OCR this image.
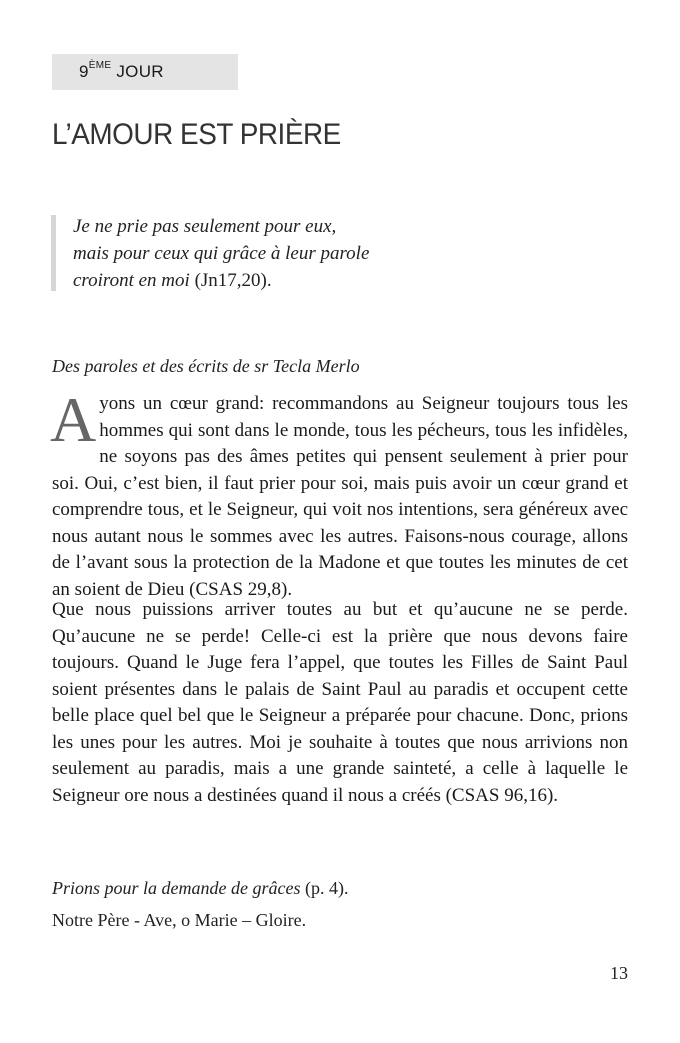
9ÈME JOUR
L’AMOUR EST PRIÈRE
Je ne prie pas seulement pour eux,
mais pour ceux qui grâce à leur parole
croiront en moi (Jn17,20).
Des paroles et des écrits de sr Tecla Merlo
Ayons un cœur grand: recommandons au Seigneur toujours tous les hommes qui sont dans le monde, tous les pécheurs, tous les infidèles, ne soyons pas des âmes petites qui pensent seulement à prier pour soi. Oui, c’est bien, il faut prier pour soi, mais puis avoir un cœur grand et comprendre tous, et le Seigneur, qui voit nos intentions, sera généreux avec nous autant nous le sommes avec les autres. Faisons-nous courage, allons de l’avant sous la protection de la Madone et que toutes les minutes de cet an soient de Dieu (CSAS 29,8).
Que nous puissions arriver toutes au but et qu’aucune ne se perde. Qu’aucune ne se perde! Celle-ci est la prière que nous devons faire toujours. Quand le Juge fera l’appel, que toutes les Filles de Saint Paul soient présentes dans le palais de Saint Paul au paradis et occupent cette belle place quel bel que le Seigneur a préparée pour chacune. Donc, prions les unes pour les autres. Moi je souhaite à toutes que nous arrivions non seulement au paradis, mais a une grande sainteté, a celle à laquelle le Seigneur ore nous a destinées quand il nous a créés (CSAS 96,16).
Prions pour la demande de grâces (p. 4).
Notre Père - Ave, o Marie – Gloire.
13
